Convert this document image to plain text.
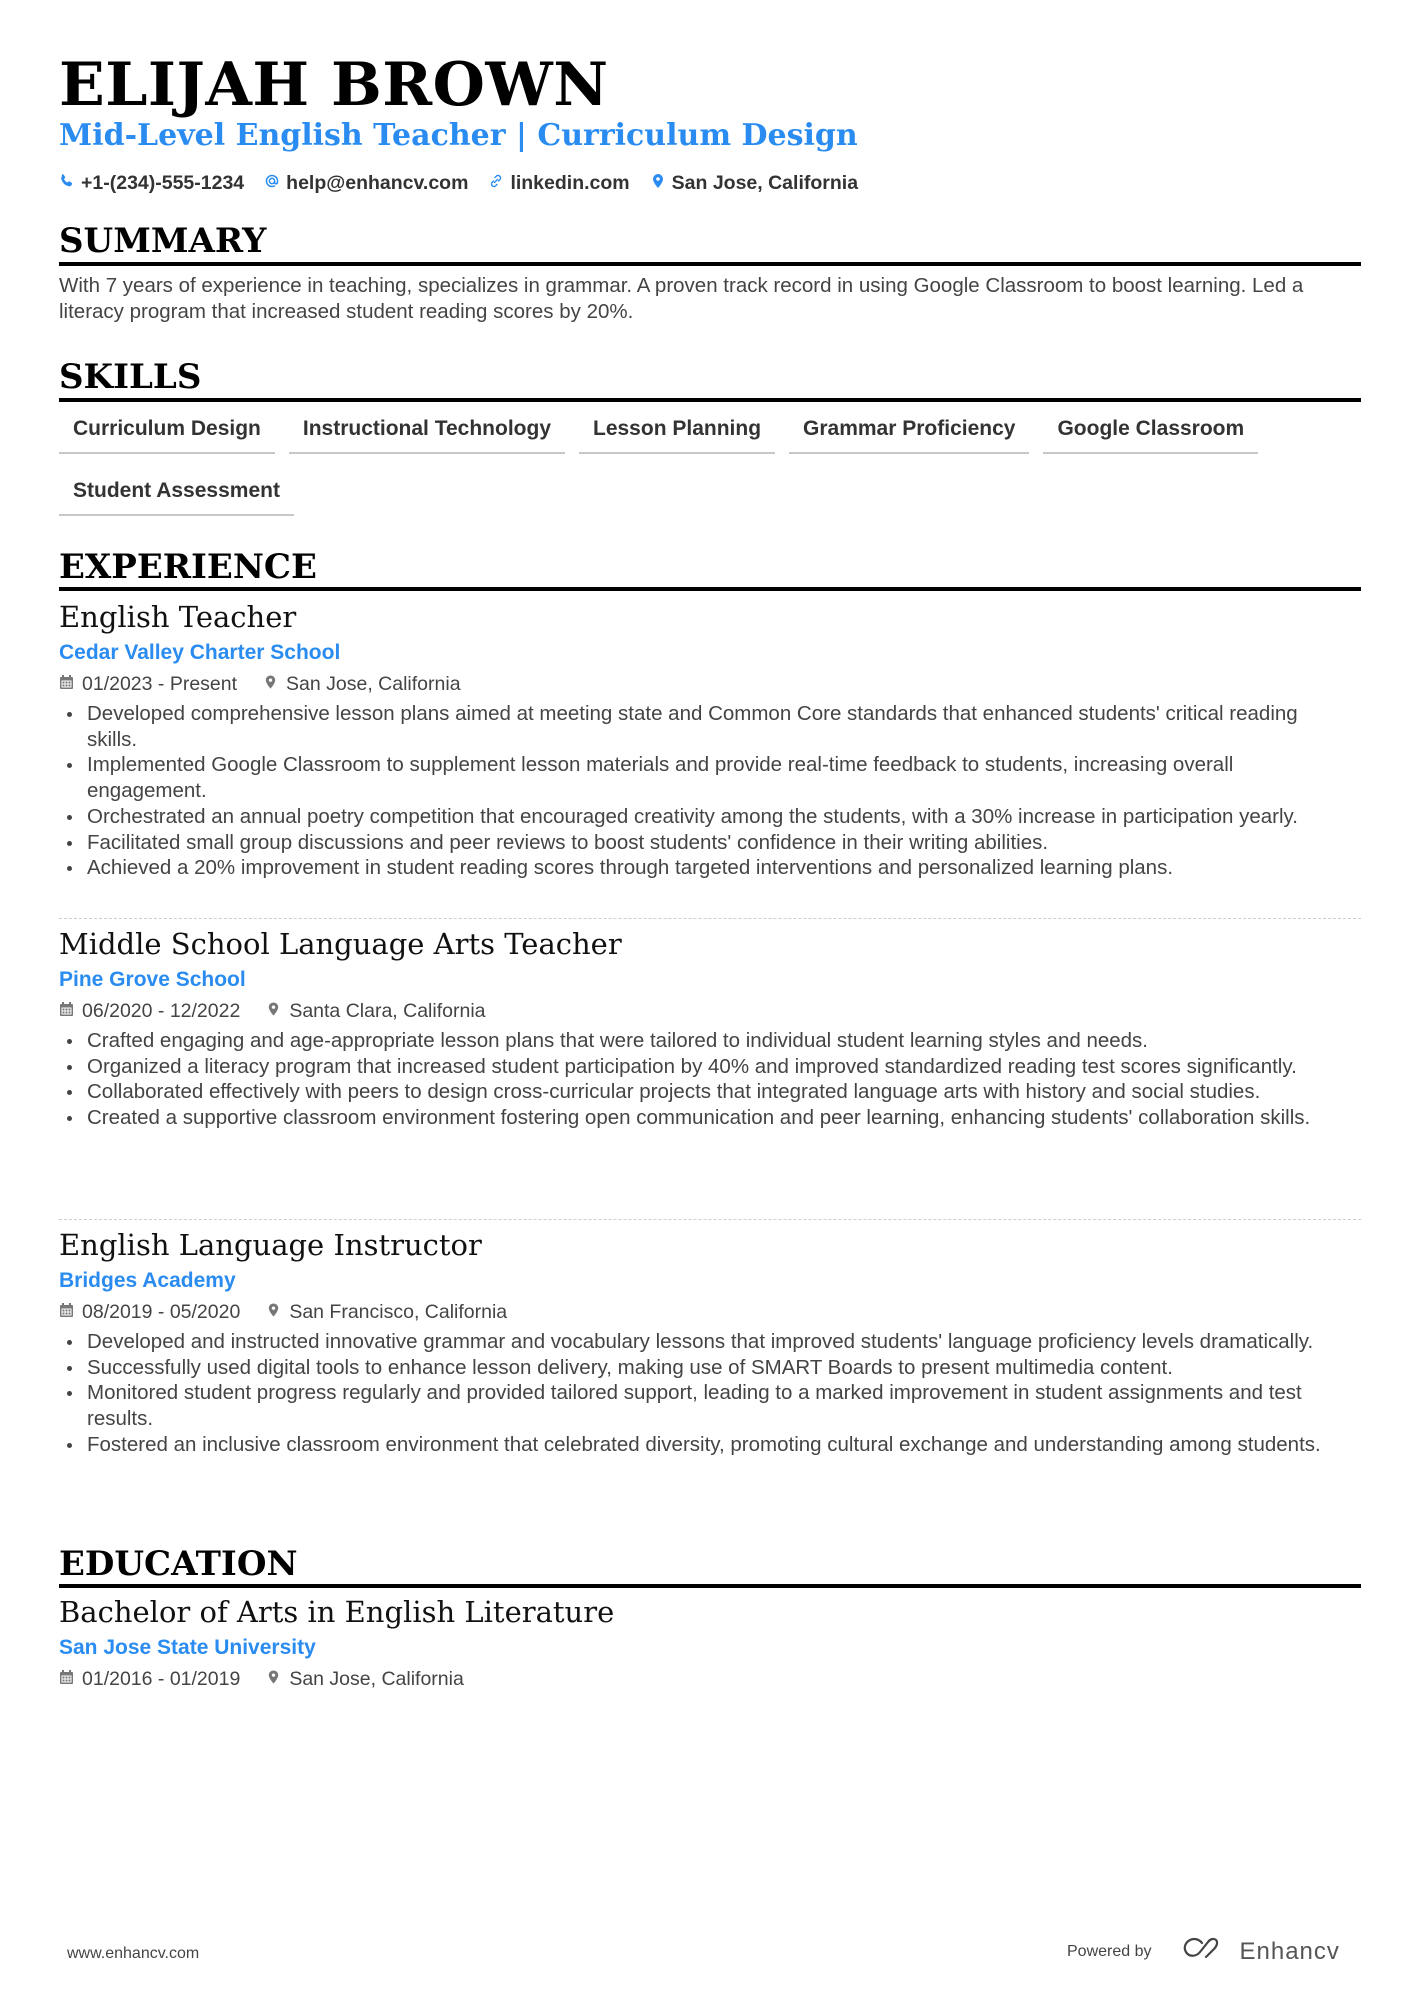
ELIJAH BROWN
Mid-Level English Teacher | Curriculum Design
+1-(234)-555-1234 help@enhancv.com linkedin.com San Jose, California
SUMMARY
With 7 years of experience in teaching, specializes in grammar. A proven track record in using Google Classroom to boost learning. Led a literacy program that increased student reading scores by 20%.
SKILLS
Curriculum Design	Instructional Technology	Lesson Planning	Grammar Proficiency	Google Classroom
Student Assessment
EXPERIENCE
English Teacher
Cedar Valley Charter School
01/2023 - Present	San Jose, California
Developed comprehensive lesson plans aimed at meeting state and Common Core standards that enhanced students' critical reading skills.
Implemented Google Classroom to supplement lesson materials and provide real-time feedback to students, increasing overall engagement.
Orchestrated an annual poetry competition that encouraged creativity among the students, with a 30% increase in participation yearly.
Facilitated small group discussions and peer reviews to boost students' confidence in their writing abilities.
Achieved a 20% improvement in student reading scores through targeted interventions and personalized learning plans.
Middle School Language Arts Teacher
Pine Grove School
06/2020 - 12/2022	Santa Clara, California
Crafted engaging and age-appropriate lesson plans that were tailored to individual student learning styles and needs.
Organized a literacy program that increased student participation by 40% and improved standardized reading test scores significantly.
Collaborated effectively with peers to design cross-curricular projects that integrated language arts with history and social studies.
Created a supportive classroom environment fostering open communication and peer learning, enhancing students' collaboration skills.
English Language Instructor
Bridges Academy
08/2019 - 05/2020	San Francisco, California
Developed and instructed innovative grammar and vocabulary lessons that improved students' language proficiency levels dramatically.
Successfully used digital tools to enhance lesson delivery, making use of SMART Boards to present multimedia content.
Monitored student progress regularly and provided tailored support, leading to a marked improvement in student assignments and test results.
Fostered an inclusive classroom environment that celebrated diversity, promoting cultural exchange and understanding among students.
EDUCATION
Bachelor of Arts in English Literature
San Jose State University
01/2016 - 01/2019	San Jose, California
www.enhancv.com	Powered by	Enhancv
